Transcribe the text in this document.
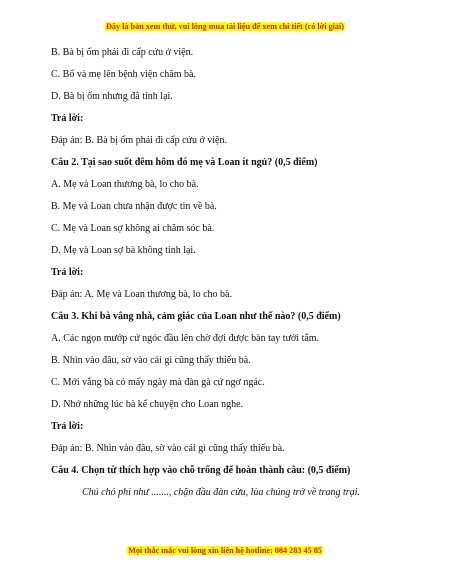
Đây là bản xem thử, vui lòng mua tài liệu để xem chi tiết (có lời giải)
B. Bà bị ốm phải đi cấp cứu ở viện.
C. Bố và mẹ lên bệnh viện chăm bà.
D. Bà bị ốm nhưng đã tỉnh lại.
Trả lời:
Đáp án: B. Bà bị ốm phải đi cấp cứu ở viện.
Câu 2. Tại sao suốt đêm hôm đó mẹ và Loan ít ngủ? (0,5 điểm)
A. Mẹ và Loan thương bà, lo cho bà.
B. Mẹ và Loan chưa nhận được tin về bà.
C. Mẹ và Loan sợ không ai chăm sóc bà.
D. Mẹ và Loan sợ bà không tỉnh lại.
Trả lời:
Đáp án: A. Mẹ và Loan thương bà, lo cho bà.
Câu 3. Khi bà vắng nhà, cảm giác của Loan như thế nào? (0,5 điểm)
A. Các ngọn mướp cứ ngóc đầu lên chờ đợi được bàn tay tưới tắm.
B. Nhìn vào đâu, sờ vào cái gì cũng thấy thiếu bà.
C. Mới vắng bà có mấy ngày mà đàn gà cứ ngơ ngác.
D. Nhớ những lúc bà kể chuyện cho Loan nghe.
Trả lời:
Đáp án: B. Nhìn vào đâu, sờ vào cái gì cũng thấy thiếu bà.
Câu 4. Chọn từ thích hợp vào chỗ trống để hoàn thành câu: (0,5 điểm)
Chú chó phi như ......., chặn đầu đàn cừu, lùa chúng trở về trang trại.
Mọi thắc mắc vui lòng xin liên hệ hotline: 084 283 45 85
